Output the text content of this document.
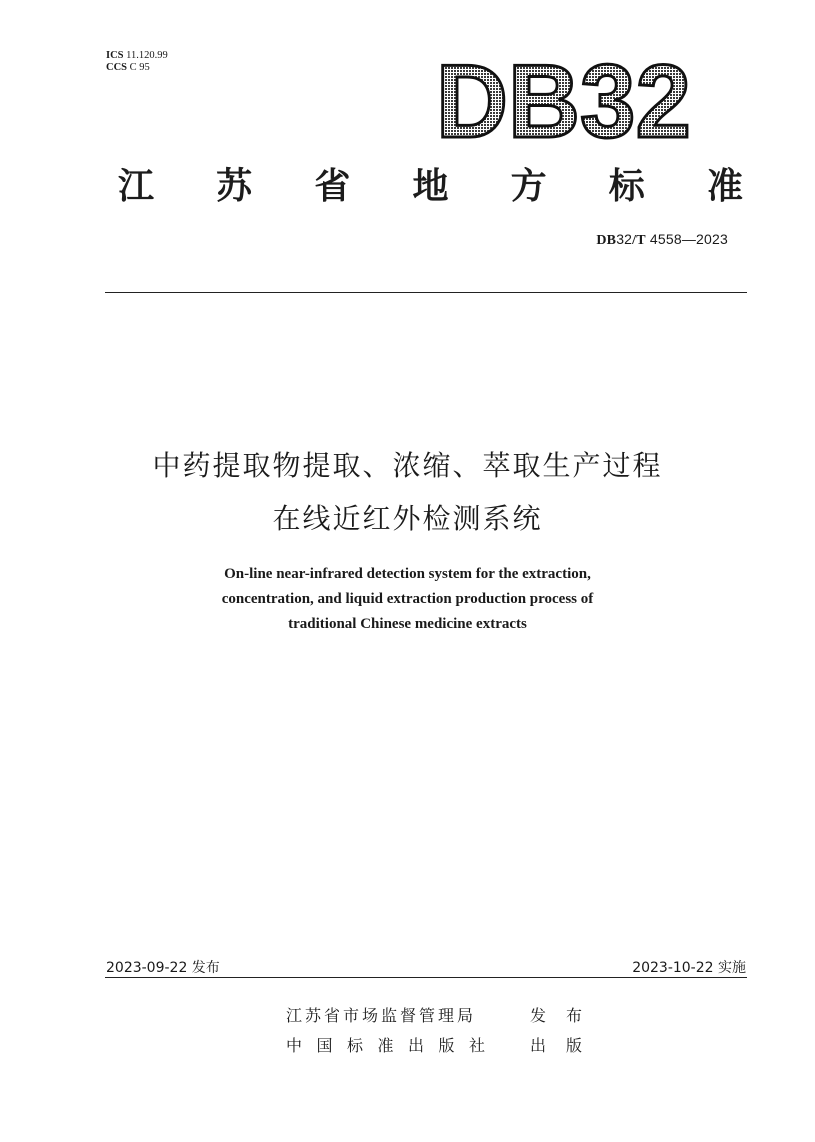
ICS 11.120.99
CCS C 95	DB32
江 苏 省 地 方 标 准
DB32/T 4558—2023
中药提取物提取、浓缩、萃取生产过程
在线近红外检测系统
On-line near-infrared detection system for the extraction,
concentration, and liquid extraction production process of
traditional Chinese medicine extracts
2023-09-22 发布	2023-10-22 实施
江苏省市场监督管理局	发布
中国标准出版社 出版
